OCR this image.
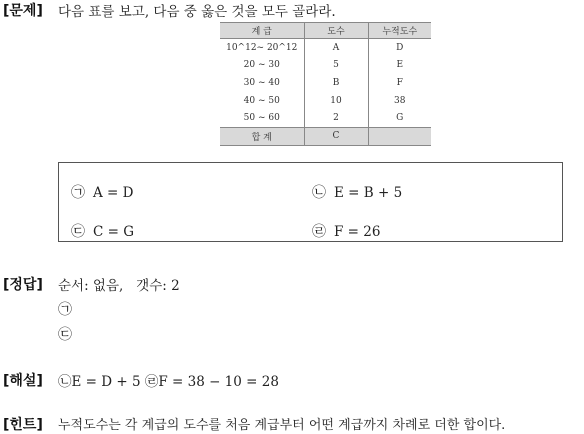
[문제] 다음 표를 보고, 다음 중 옳은 것을 모두 골라라.
계 급	도수	누적도수
10^12~ 20^12	A	D
20 ~ 30	5	E
30 ~ 40	B	F
40 ~ 50	10	38
50 ~ 60	2	G
합 계	C	
㉠ A = D	㉡ E = B + 5
㉢ C = G	㉣ F = 26
[정답] 순서: 없음,   갯수: 2
㉠
㉢
[해설] ㉡E = D + 5 ㉣F = 38 − 10 = 28
[힌트] 누적도수는 각 계급의 도수를 처음 계급부터 어떤 계급까지 차례로 더한 합이다.
